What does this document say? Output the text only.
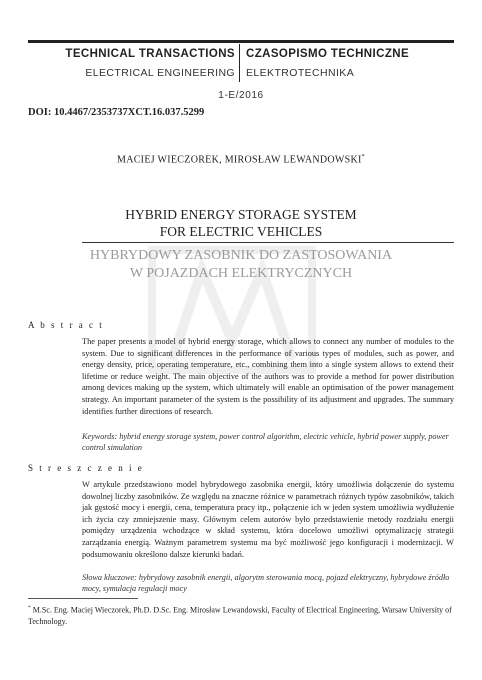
TECHNICAL TRANSACTIONS
ELECTRICAL ENGINEERING
CZASOPISMO TECHNICZNE
ELEKTROTECHNIKA
1-E/2016
DOI: 10.4467/2353737XCT.16.037.5299
MACIEJ WIECZOREK, MIROSŁAW LEWANDOWSKI*
HYBRID ENERGY STORAGE SYSTEM
FOR ELECTRIC VEHICLES
HYBRYDOWY ZASOBNIK DO ZASTOSOWANIA
W POJAZDACH ELEKTRYCZNYCH
A b s t r a c t
The paper presents a model of hybrid energy storage, which allows to connect any number of modules to the system. Due to significant differences in the performance of various types of modules, such as power, and energy density, price, operating temperature, etc., combining them into a single system allows to extend their lifetime or reduce weight. The main objective of the authors was to provide a method for power distribution among devices making up the system, which ultimately will enable an optimisation of the power management strategy. An important parameter of the system is the possibility of its adjustment and upgrades. The summary identifies further directions of research.
Keywords: hybrid energy storage system, power control algorithm, electric vehicle, hybrid power supply, power control simulation
S t r e s z c z e n i e
W artykule przedstawiono model hybrydowego zasobnika energii, który umożliwia dołączenie do systemu dowolnej liczby zasobników. Ze względu na znaczne różnice w parametrach różnych typów zasobników, takich jak gęstość mocy i energii, cena, temperatura pracy itp., połączenie ich w jeden system umożliwia wydłużenie ich życia czy zmniejszenie masy. Głównym celem autorów było przedstawienie metody rozdziału energii pomiędzy urządzenia wchodzące w skład systemu, która docelowo umożliwi optymalizację strategii zarządzania energią. Ważnym parametrem systemu ma być możliwość jego konfiguracji i modernizacji. W podsumowaniu określono dalsze kierunki badań.
Słowa kluczowe: hybrydowy zasobnik energii, algorytm sterowania mocą, pojazd elektryczny, hybrydowe źródło mocy, symulacja regulacji mocy
* M.Sc. Eng. Maciej Wieczorek, Ph.D. D.Sc. Eng. Mirosław Lewandowski, Faculty of Electrical Engineering, Warsaw University of Technology.
